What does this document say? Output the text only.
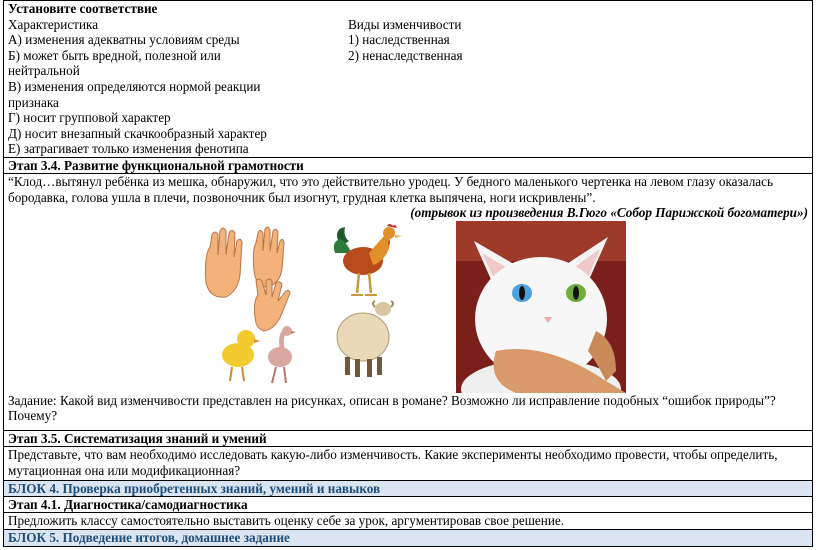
Установите соответствие
Характеристика
А) изменения адекватны условиям среды
Б) может быть вредной, полезной или
нейтральной
В) изменения определяются нормой реакции
признака
Г) носит групповой характер
Д) носит внезапный скачкообразный характер
Е) затрагивает только изменения фенотипа
Виды изменчивости
1) наследственная
2) ненаследственная
Этап 3.4. Развитие функциональной грамотности
“Клод…вытянул ребёнка из мешка, обнаружил, что это действительно уродец. У бедного маленького чертенка на левом глазу оказалась бородавка, голова ушла в плечи, позвоночник был изогнут, грудная клетка выпячена, ноги искривлены”.
(отрывок из произведения В.Гюго «Собор Парижской богоматери»)
Задание: Какой вид изменчивости представлен на рисунках, описан в романе? Возможно ли исправление подобных “ошибок природы”? Почему?
Этап 3.5. Систематизация знаний и умений
Представьте, что вам необходимо исследовать какую-либо изменчивость. Какие эксперименты необходимо провести, чтобы определить, мутационная она или модификационная?
БЛОК 4. Проверка приобретенных знаний, умений и навыков
Этап 4.1. Диагностика/самодиагностика
Предложить классу самостоятельно выставить оценку себе за урок, аргументировав свое решение.
БЛОК 5. Подведение итогов, домашнее задание
